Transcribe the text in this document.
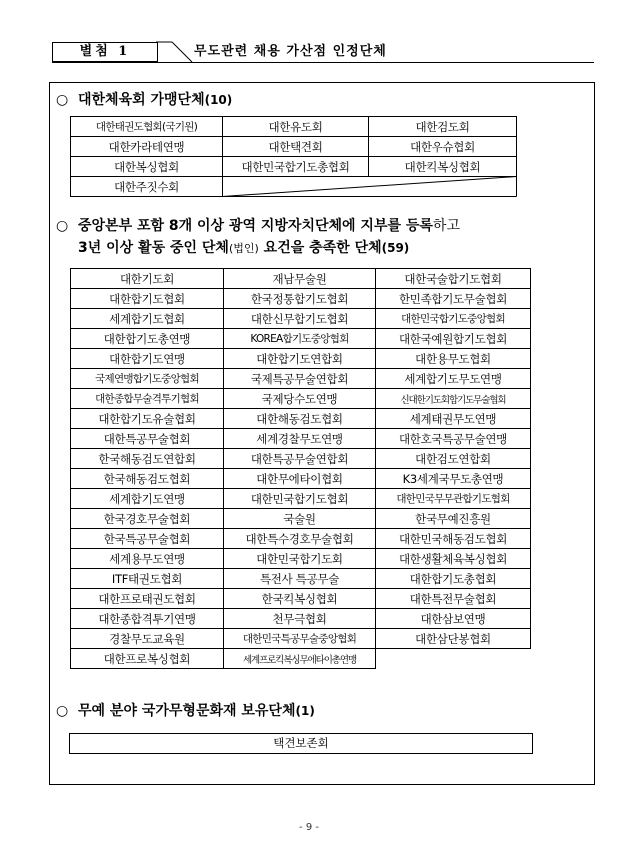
별첨 1	무도관련 채용 가산점 인정단체
○ 대한체육회 가맹단체(10)
대한태권도협회(국기원)	대한유도회	대한검도회
대한카라테연맹	대한택견회	대한우슈협회
대한복싱협회	대한민국합기도총협회	대한킥복싱협회
대한주짓수회		
○ 중앙본부 포함 8개 이상 광역 지방자치단체에 지부를 등록하고
3년 이상 활동 중인 단체(법인) 요건을 충족한 단체(59)
대한기도회	재남무술원	대한국술합기도협회
대한합기도협회	한국정통합기도협회	한민족합기도무술협회
세계합기도협회	대한신무합기도협회	대한민국합기도중앙협회
대한합기도총연맹	KOREA합기도중앙협회	대한국예원합기도협회
대한합기도연맹	대한합기도연합회	대한용무도협회
국제연맹합기도중앙협회	국제특공무술연합회	세계합기도무도연맹
대한종합무술격투기협회	국제당수도연맹	신대한기도회합기도무술협회
대한합기도유술협회	대한해동검도협회	세계태권무도연맹
대한특공무술협회	세계경찰무도연맹	대한호국특공무술연맹
한국해동검도연합회	대한특공무술연합회	대한검도연합회
한국해동검도협회	대한무에타이협회	K3세계국무도총연맹
세계합기도연맹	대한민국합기도협회	대한민국무무관합기도협회
한국경호무술협회	국술원	한국무예진흥원
한국특공무술협회	대한특수경호무술협회	대한민국해동검도협회
세계용무도연맹	대한민국합기도회	대한생활체육복싱협회
ITF태권도협회	특전사 특공무술	대한합기도총협회
대한프로태권도협회	한국킥복싱협회	대한특전무술협회
대한종합격투기연맹	천무극협회	대한삼보연맹
경찰무도교육원	대한민국특공무술중앙협회	대한삼단봉협회
대한프로복싱협회	세계프로킥복싱무에타이총연맹	
○ 무예 분야 국가무형문화재 보유단체(1)
택견보존회
- 9 -
